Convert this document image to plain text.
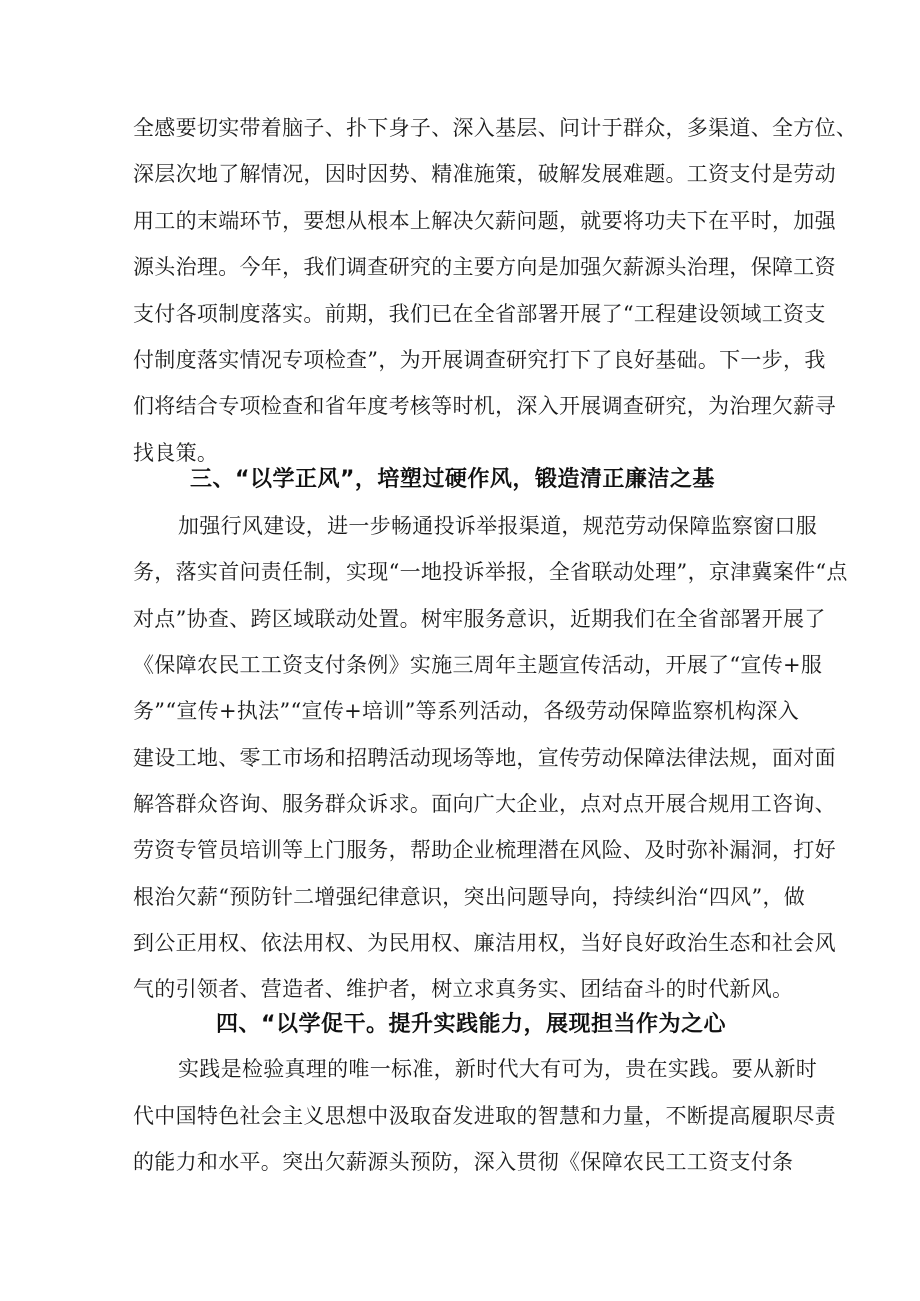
全感要切实带着脑子、扑下身子、深入基层、问计于群众，多渠道、全方位、
深层次地了解情况，因时因势、精准施策，破解发展难题。工资支付是劳动
用工的末端环节，要想从根本上解决欠薪问题，就要将功夫下在平时，加强
源头治理。今年，我们调查研究的主要方向是加强欠薪源头治理，保障工资
支付各项制度落实。前期，我们已在全省部署开展了“工程建设领域工资支
付制度落实情况专项检查”，为开展调查研究打下了良好基础。下一步，我
们将结合专项检查和省年度考核等时机，深入开展调查研究，为治理欠薪寻
找良策。
三、“以学正风”，培塑过硬作风，锻造清正廉洁之基
加强行风建设，进一步畅通投诉举报渠道，规范劳动保障监察窗口服
务，落实首问责任制，实现“一地投诉举报，全省联动处理”，京津冀案件“点
对点”协查、跨区域联动处置。树牢服务意识，近期我们在全省部署开展了
《保障农民工工资支付条例》实施三周年主题宣传活动，开展了“宣传+服
务”“宣传+执法”“宣传+培训”等系列活动，各级劳动保障监察机构深入
建设工地、零工市场和招聘活动现场等地，宣传劳动保障法律法规，面对面
解答群众咨询、服务群众诉求。面向广大企业，点对点开展合规用工咨询、
劳资专管员培训等上门服务，帮助企业梳理潜在风险、及时弥补漏洞，打好
根治欠薪“预防针二增强纪律意识，突出问题导向，持续纠治“四风”，做
到公正用权、依法用权、为民用权、廉洁用权，当好良好政治生态和社会风
气的引领者、营造者、维护者，树立求真务实、团结奋斗的时代新风。
四、“以学促干。提升实践能力，展现担当作为之心
实践是检验真理的唯一标准，新时代大有可为，贵在实践。要从新时
代中国特色社会主义思想中汲取奋发进取的智慧和力量，不断提高履职尽责
的能力和水平。突出欠薪源头预防，深入贯彻《保障农民工工资支付条
